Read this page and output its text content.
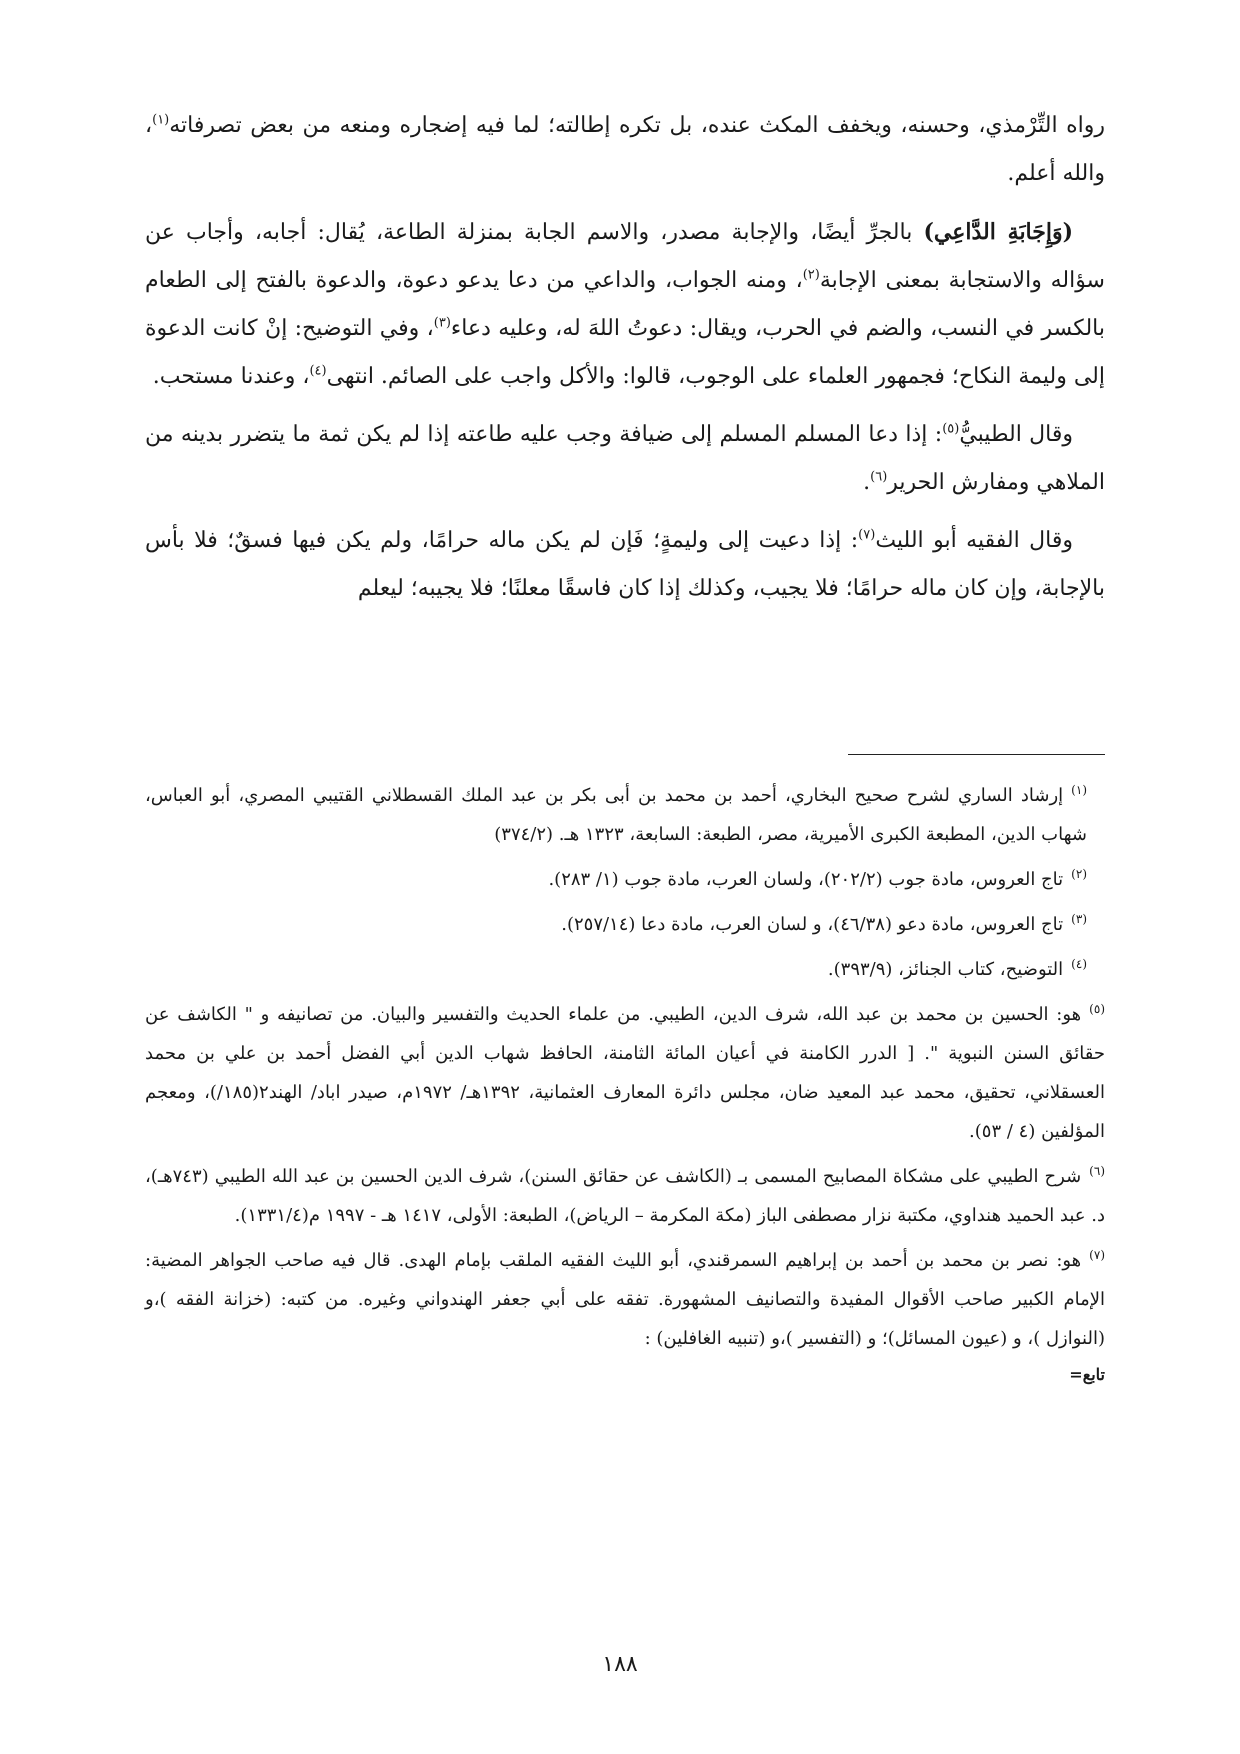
رواه التِّرْمذي، وحسنه، ويخفف المكث عنده، بل تكره إطالته؛ لما فيه إضجاره ومنعه من بعض تصرفاته$^{(١)}$، والله أعلم.

(وَإِجَابَةِ الدَّاعِي) بالجرِّ أيضًا، والإجابة مصدر، والاسم الجابة بمنزلة الطاعة، يُقال: أجابه، وأجاب عن سؤاله والاستجابة بمعنى الإجابة$^{(٢)}$، ومنه الجواب، والداعي من دعا يدعو دعوة، والدعوة بالفتح إلى الطعام بالكسر في النسب، والضم في الحرب، ويقال: دعوتُ اللهَ له، وعليه دعاء$^{(٣)}$، وفي التوضيح: إنْ كانت الدعوة إلى وليمة النكاح؛ فجمهور العلماء على الوجوب، قالوا: والأكل واجب على الصائم. انتهى$^{(٤)}$، وعندنا مستحب.

وقال الطيبيُّ$^{(٥)}$: إذا دعا المسلم المسلم إلى ضيافة وجب عليه طاعته إذا لم يكن ثمة ما يتضرر بدينه من الملاهي ومفارش الحرير$^{(٦)}$.

وقال الفقيه أبو الليث$^{(٧)}$: إذا دعيت إلى وليمةٍ؛ فَإن لم يكن ماله حرامًا، ولم يكن فيها فسقٌ؛ فلا بأس بالإجابة، وإن كان ماله حرامًا؛ فلا يجيب، وكذلك إذا كان فاسقًا معلنًا؛ فلا يجيبه؛ ليعلم

$^{(١)}$إرشاد الساري لشرح صحيح البخاري، أحمد بن محمد بن أبى بكر بن عبد الملك القسطلاني القتيبي المصري، أبو العباس، شهاب الدين، المطبعة الكبرى الأميرية، مصر، الطبعة: السابعة، ١٣٢٣ هـ. (٣٧٤/٢)
$^{(٢)}$تاج العروس، مادة جوب (٢٠٢/٢)، ولسان العرب، مادة جوب (١/ ٢٨٣).
$^{(٣)}$تاج العروس، مادة دعو (٤٦/٣٨)، و لسان العرب، مادة دعا (٢٥٧/١٤).
$^{(٤)}$التوضيح، كتاب الجنائز، (٣٩٣/٩).
$^{(٥)}$هو: الحسين بن محمد بن عبد الله، شرف الدين، الطيبي. من علماء الحديث والتفسير والبيان. من تصانيفه و " الكاشف عن حقائق السنن النبوية ". [ الدرر الكامنة في أعيان المائة الثامنة، الحافظ شهاب الدين أبي الفضل أحمد بن علي بن محمد العسقلاني، تحقيق، محمد عبد المعيد ضان، مجلس دائرة المعارف العثمانية، ١٣٩٢هـ/ ١٩٧٢م، صيدر اباد/ الهند٢(١٨٥/)، ومعجم المؤلفين (٤ / ٥٣).
$^{(٦)}$شرح الطيبي على مشكاة المصابيح المسمى بـ (الكاشف عن حقائق السنن)، شرف الدين الحسين بن عبد الله الطيبي (٧٤٣هـ)، د. عبد الحميد هنداوي، مكتبة نزار مصطفى الباز (مكة المكرمة – الرياض)، الطبعة: الأولى، ١٤١٧ هـ - ١٩٩٧ م(١٣٣١/٤).
$^{(٧)}$هو: نصر بن محمد بن أحمد بن إبراهيم السمرقندي، أبو الليث الفقيه الملقب بإمام الهدى. قال فيه صاحب الجواهر المضية: الإمام الكبير صاحب الأقوال المفيدة والتصانيف المشهورة. تفقه على أبي جعفر الهندواني وغيره. من كتبه: (خزانة الفقه )،و (النوازل )، و (عيون المسائل)؛ و (التفسير )،و (تنبيه الغافلين) :
تابع=
١٨٨
